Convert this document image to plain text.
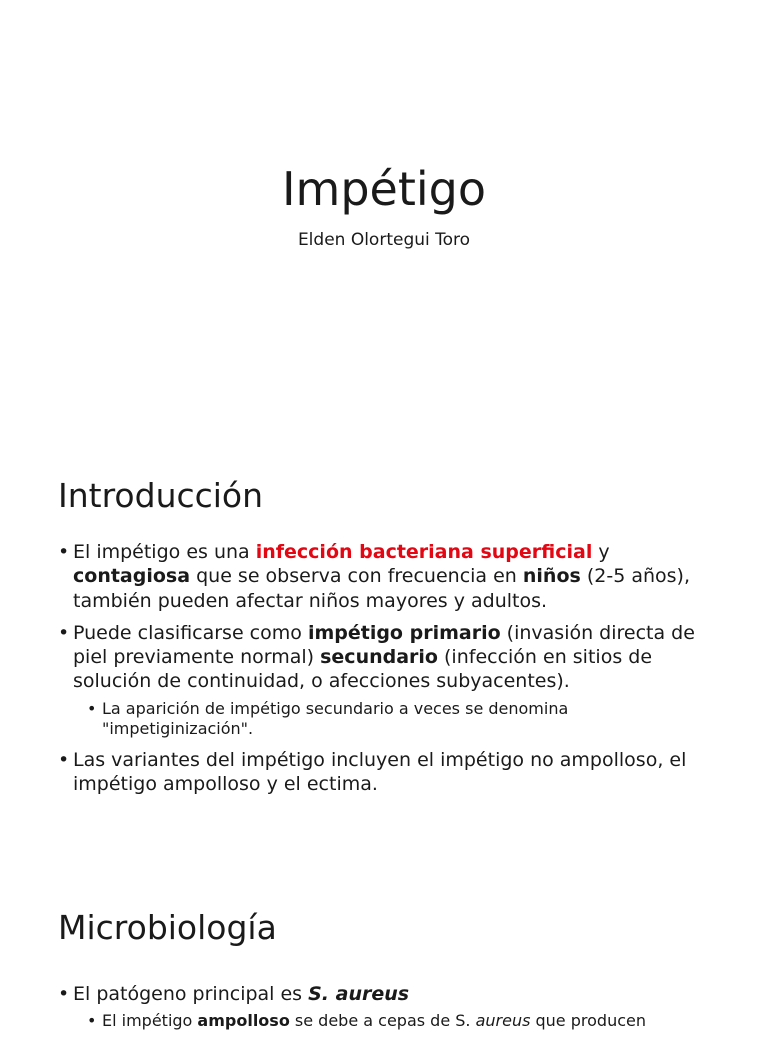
Impétigo
Elden Olortegui Toro
Introducción
• El impétigo es una infección bacteriana superficial y contagiosa que se observa con frecuencia en niños (2-5 años), también pueden afectar niños mayores y adultos.
• Puede clasificarse como impétigo primario (invasión directa de piel previamente normal) secundario (infección en sitios de solución de continuidad, o afecciones subyacentes).
• La aparición de impétigo secundario a veces se denomina "impetiginización".
• Las variantes del impétigo incluyen el impétigo no ampolloso, el impétigo ampolloso y el ectima.
Microbiología
• El patógeno principal es S. aureus
• El impétigo ampolloso se debe a cepas de S. aureus que producen
